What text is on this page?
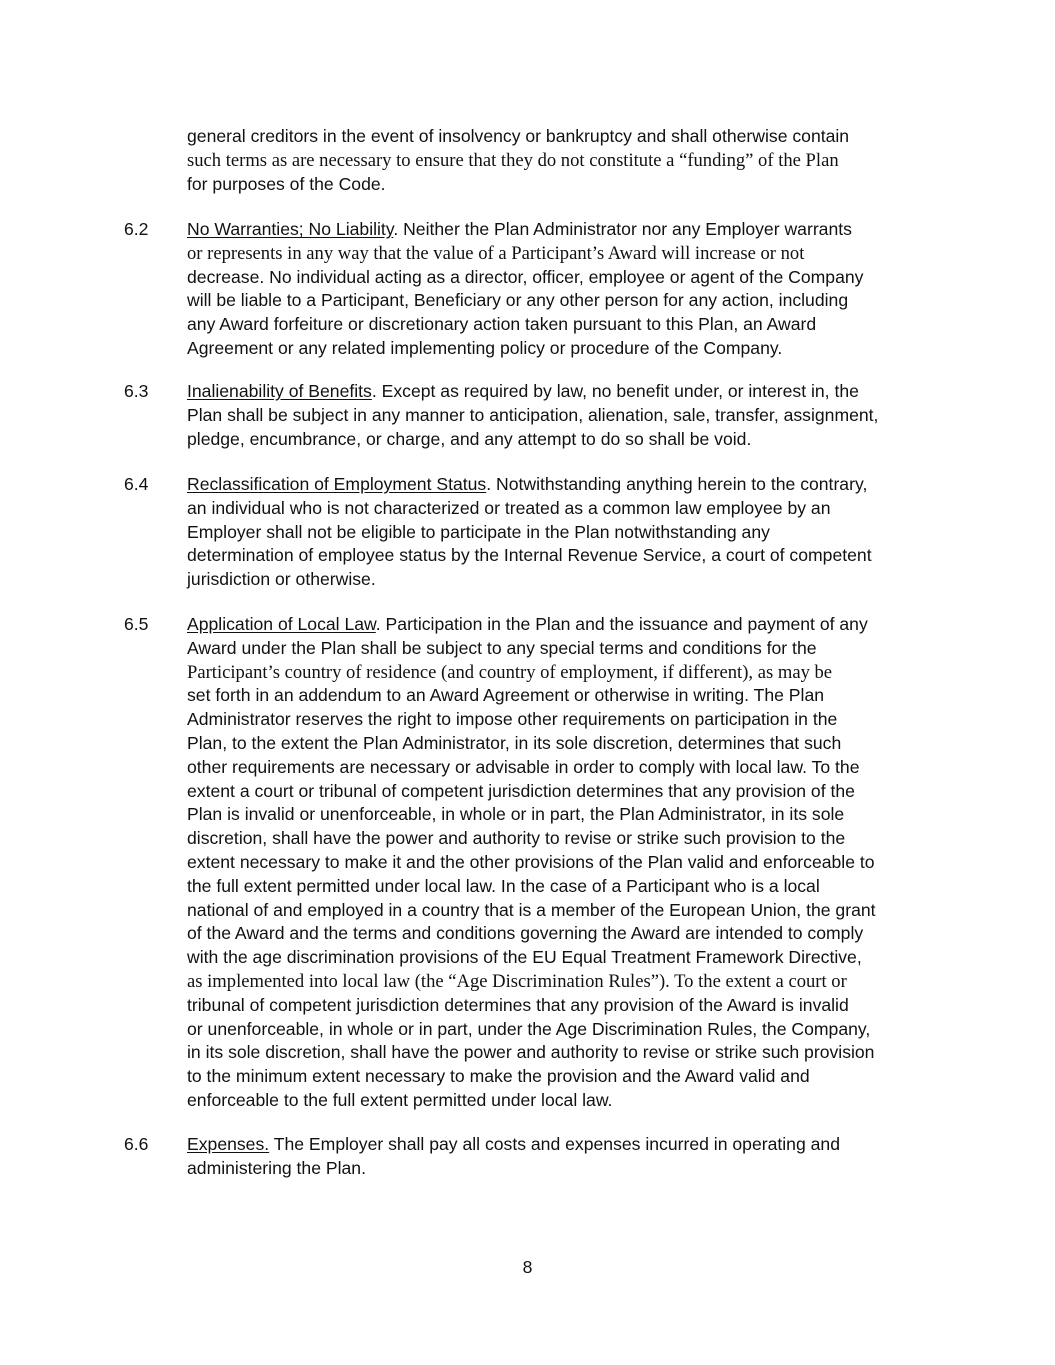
general creditors in the event of insolvency or bankruptcy and shall otherwise contain
such terms as are necessary to ensure that they do not constitute a “funding” of the Plan
for purposes of the Code.
6.2 No Warranties; No Liability. Neither the Plan Administrator nor any Employer warrants
or represents in any way that the value of a Participant’s Award will increase or not
decrease. No individual acting as a director, officer, employee or agent of the Company
will be liable to a Participant, Beneficiary or any other person for any action, including
any Award forfeiture or discretionary action taken pursuant to this Plan, an Award
Agreement or any related implementing policy or procedure of the Company.
6.3 Inalienability of Benefits. Except as required by law, no benefit under, or interest in, the
Plan shall be subject in any manner to anticipation, alienation, sale, transfer, assignment,
pledge, encumbrance, or charge, and any attempt to do so shall be void.
6.4 Reclassification of Employment Status. Notwithstanding anything herein to the contrary,
an individual who is not characterized or treated as a common law employee by an
Employer shall not be eligible to participate in the Plan notwithstanding any
determination of employee status by the Internal Revenue Service, a court of competent
jurisdiction or otherwise.
6.5 Application of Local Law. Participation in the Plan and the issuance and payment of any
Award under the Plan shall be subject to any special terms and conditions for the
Participant’s country of residence (and country of employment, if different), as may be
set forth in an addendum to an Award Agreement or otherwise in writing. The Plan
Administrator reserves the right to impose other requirements on participation in the
Plan, to the extent the Plan Administrator, in its sole discretion, determines that such
other requirements are necessary or advisable in order to comply with local law. To the
extent a court or tribunal of competent jurisdiction determines that any provision of the
Plan is invalid or unenforceable, in whole or in part, the Plan Administrator, in its sole
discretion, shall have the power and authority to revise or strike such provision to the
extent necessary to make it and the other provisions of the Plan valid and enforceable to
the full extent permitted under local law. In the case of a Participant who is a local
national of and employed in a country that is a member of the European Union, the grant
of the Award and the terms and conditions governing the Award are intended to comply
with the age discrimination provisions of the EU Equal Treatment Framework Directive,
as implemented into local law (the “Age Discrimination Rules”). To the extent a court or
tribunal of competent jurisdiction determines that any provision of the Award is invalid
or unenforceable, in whole or in part, under the Age Discrimination Rules, the Company,
in its sole discretion, shall have the power and authority to revise or strike such provision
to the minimum extent necessary to make the provision and the Award valid and
enforceable to the full extent permitted under local law.
6.6 Expenses. The Employer shall pay all costs and expenses incurred in operating and
administering the Plan.
8
